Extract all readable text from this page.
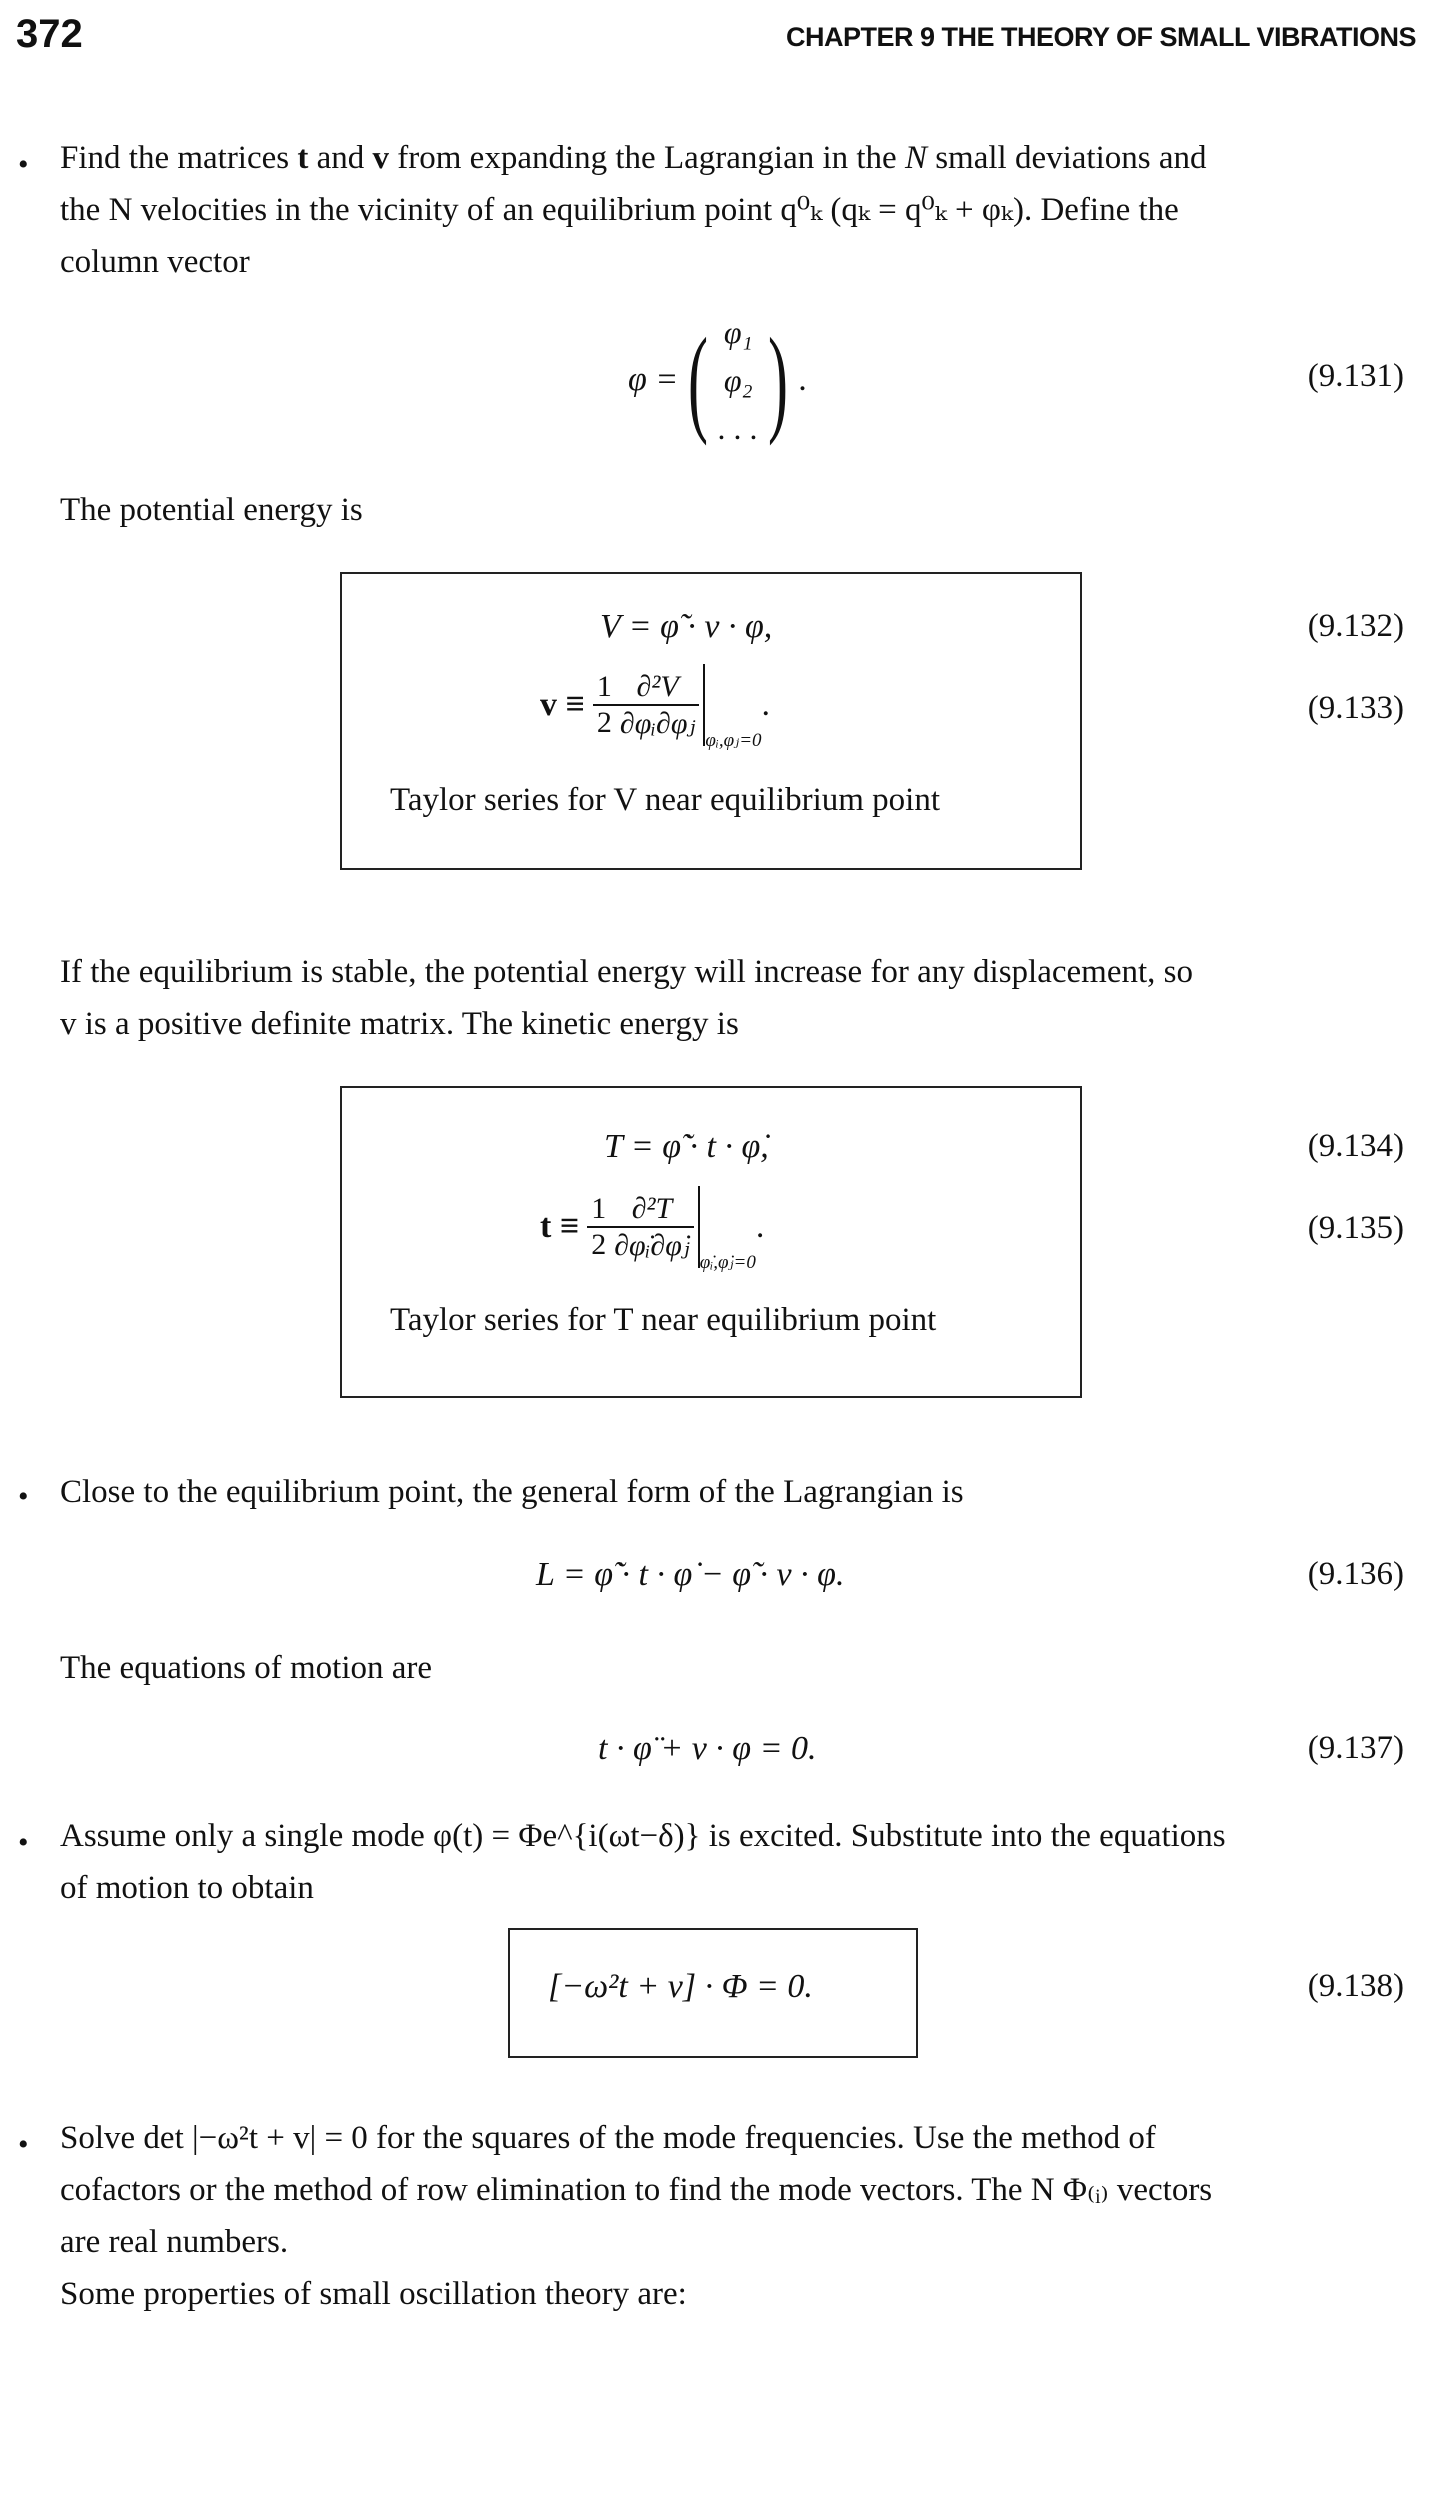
372	CHAPTER 9 THE THEORY OF SMALL VIBRATIONS
• Find the matrices t and v from expanding the Lagrangian in the N small deviations and
the N velocities in the vicinity of an equilibrium point q⁰ₖ (qₖ = q⁰ₖ + φₖ). Define the
column vector
φ = ( φ₁
φ₂
. . . ) .	(9.131)
The potential energy is
V = φ̃ · v · φ,	(9.132)
$v \equiv \frac{1}{2} \frac{\text{∂²V}}{\text{∂φᵢ∂φⱼ}}$ φᵢ,φⱼ=0
.	(9.133)
Taylor series for V near equilibrium point
If the equilibrium is stable, the potential energy will increase for any displacement, so
v is a positive definite matrix. The kinetic energy is
T = φ̃̇ · t · φ̇,	(9.134)
$t \equiv \frac{1}{2} \frac{\text{∂²T}}{\text{∂φ̇ᵢ∂φ̇ⱼ}}$ φ̇ᵢ,φ̇ⱼ=0
.	(9.135)
Taylor series for T near equilibrium point
• Close to the equilibrium point, the general form of the Lagrangian is
L = φ̃̇ · t · φ̇ − φ̃ · v · φ.	(9.136)
The equations of motion are
t · φ̈ + v · φ = 0.	(9.137)
• Assume only a single mode φ(t) = Φe^{i(ωt−δ)} is excited. Substitute into the equations
of motion to obtain
[−ω²t + v] · Φ = 0.	(9.138)
• Solve det |−ω²t + v| = 0 for the squares of the mode frequencies. Use the method of
cofactors or the method of row elimination to find the mode vectors. The N Φ₍ᵢ₎ vectors
are real numbers.
Some properties of small oscillation theory are:
